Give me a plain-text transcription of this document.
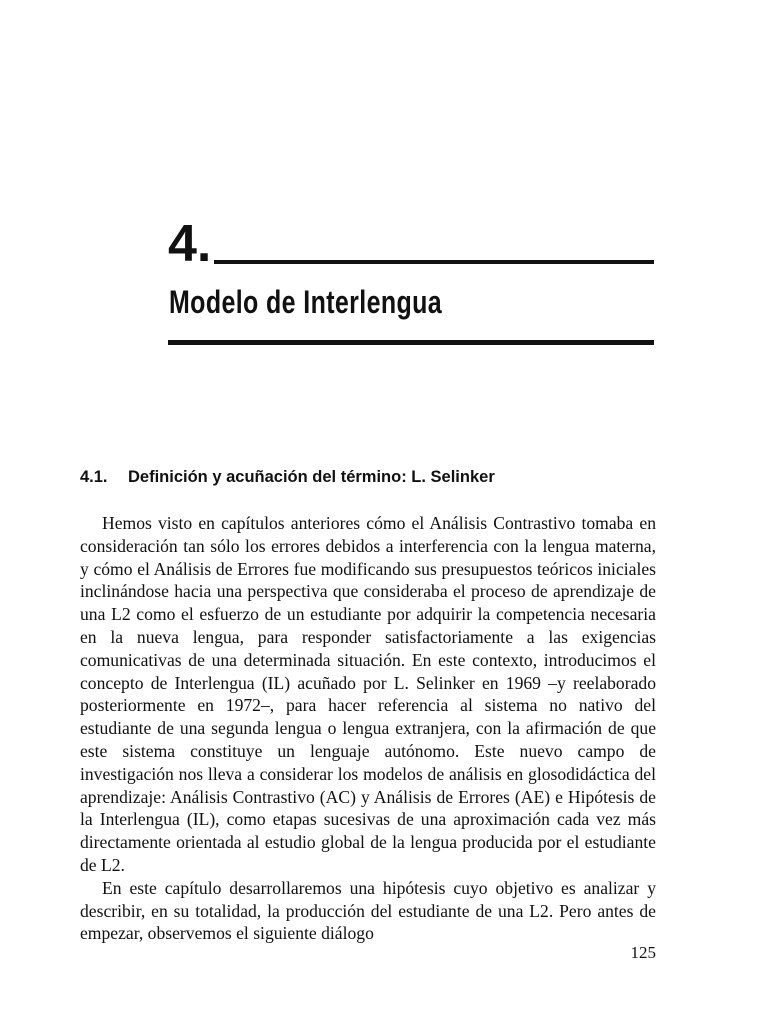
4.
Modelo de Interlengua
4.1. Definición y acuñación del término: L. Selinker

Hemos visto en capítulos anteriores cómo el Análisis Contrastivo tomaba en consideración tan sólo los errores debidos a interferencia con la lengua materna, y cómo el Análisis de Errores fue modificando sus presupuestos teóricos iniciales inclinándose hacia una perspectiva que consideraba el proceso de aprendizaje de una L2 como el esfuerzo de un estudiante por adquirir la competencia necesaria en la nueva lengua, para responder satisfactoriamente a las exigencias comunicativas de una determinada situación. En este contexto, introducimos el concepto de Interlengua (IL) acuñado por L. Selinker en 1969 –y reelaborado posteriormente en 1972–, para hacer referencia al sistema no nativo del estudiante de una segunda lengua o lengua extranjera, con la afirmación de que este sistema constituye un lenguaje autónomo. Este nuevo campo de investigación nos lleva a considerar los modelos de análisis en glosodidáctica del aprendizaje: Análisis Contrastivo (AC) y Análisis de Errores (AE) e Hipótesis de la Interlengua (IL), como etapas sucesivas de una aproximación cada vez más directamente orientada al estudio global de la lengua producida por el estudiante de L2.

En este capítulo desarrollaremos una hipótesis cuyo objetivo es analizar y describir, en su totalidad, la producción del estudiante de una L2. Pero antes de empezar, observemos el siguiente diálogo

125
